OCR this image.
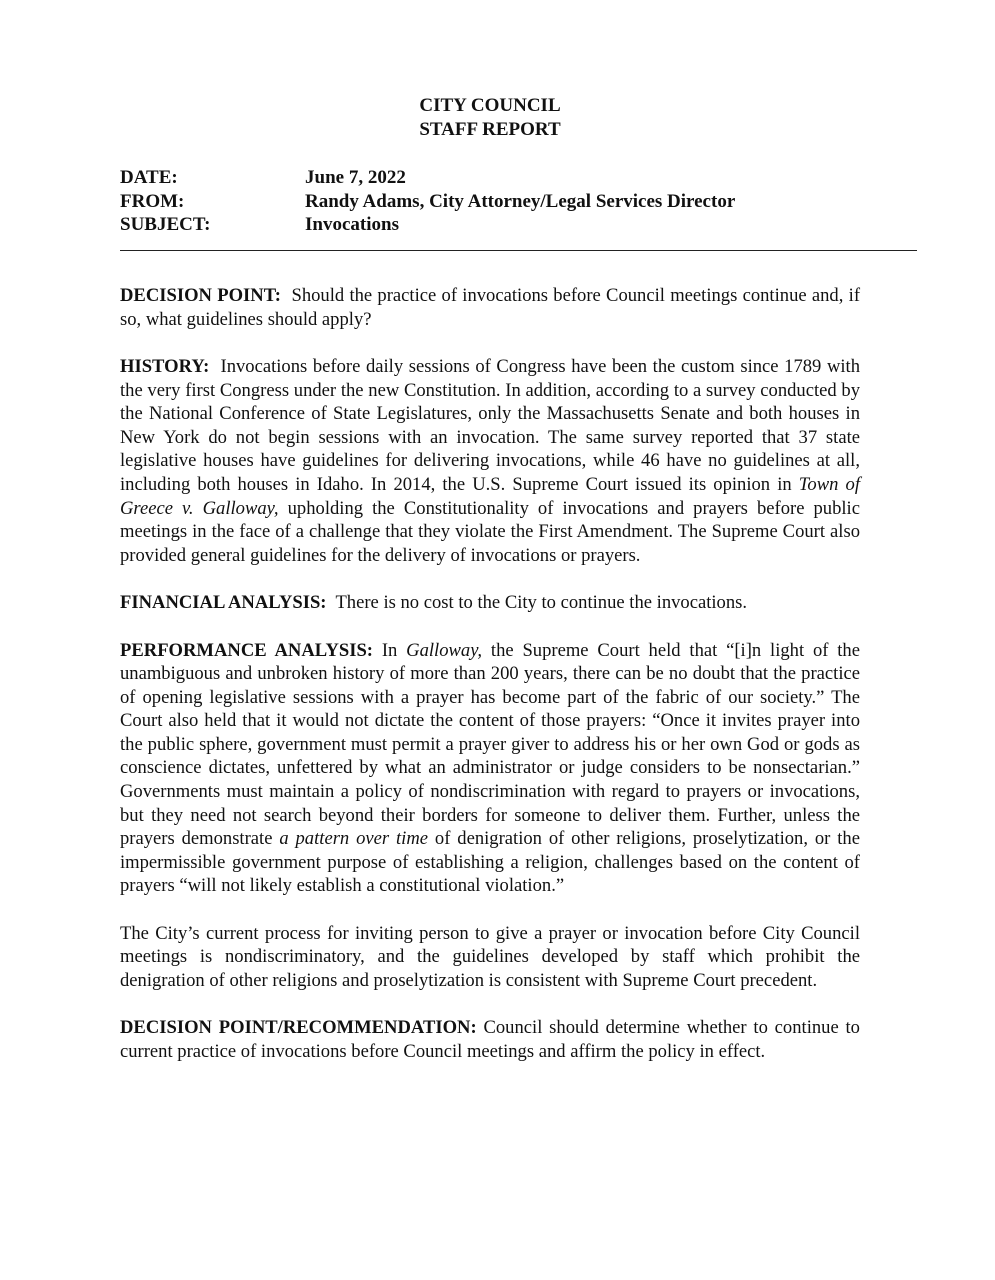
CITY COUNCIL
STAFF REPORT
DATE:	June 7, 2022
FROM:	Randy Adams, City Attorney/Legal Services Director
SUBJECT:	Invocations

DECISION POINT: Should the practice of invocations before Council meetings continue and, if so, what guidelines should apply?

HISTORY: Invocations before daily sessions of Congress have been the custom since 1789 with the very first Congress under the new Constitution. In addition, according to a survey conducted by the National Conference of State Legislatures, only the Massachusetts Senate and both houses in New York do not begin sessions with an invocation. The same survey reported that 37 state legislative houses have guidelines for delivering invocations, while 46 have no guidelines at all, including both houses in Idaho. In 2014, the U.S. Supreme Court issued its opinion in Town of Greece v. Galloway, upholding the Constitutionality of invocations and prayers before public meetings in the face of a challenge that they violate the First Amendment. The Supreme Court also provided general guidelines for the delivery of invocations or prayers.

FINANCIAL ANALYSIS: There is no cost to the City to continue the invocations.

PERFORMANCE ANALYSIS: In Galloway, the Supreme Court held that “[i]n light of the unambiguous and unbroken history of more than 200 years, there can be no doubt that the practice of opening legislative sessions with a prayer has become part of the fabric of our society.” The Court also held that it would not dictate the content of those prayers: “Once it invites prayer into the public sphere, government must permit a prayer giver to address his or her own God or gods as conscience dictates, unfettered by what an administrator or judge considers to be nonsectarian.” Governments must maintain a policy of nondiscrimination with regard to prayers or invocations, but they need not search beyond their borders for someone to deliver them. Further, unless the prayers demonstrate a pattern over time of denigration of other religions, proselytization, or the impermissible government purpose of establishing a religion, challenges based on the content of prayers “will not likely establish a constitutional violation.”

The City’s current process for inviting person to give a prayer or invocation before City Council meetings is nondiscriminatory, and the guidelines developed by staff which prohibit the denigration of other religions and proselytization is consistent with Supreme Court precedent.

DECISION POINT/RECOMMENDATION: Council should determine whether to continue to current practice of invocations before Council meetings and affirm the policy in effect.
